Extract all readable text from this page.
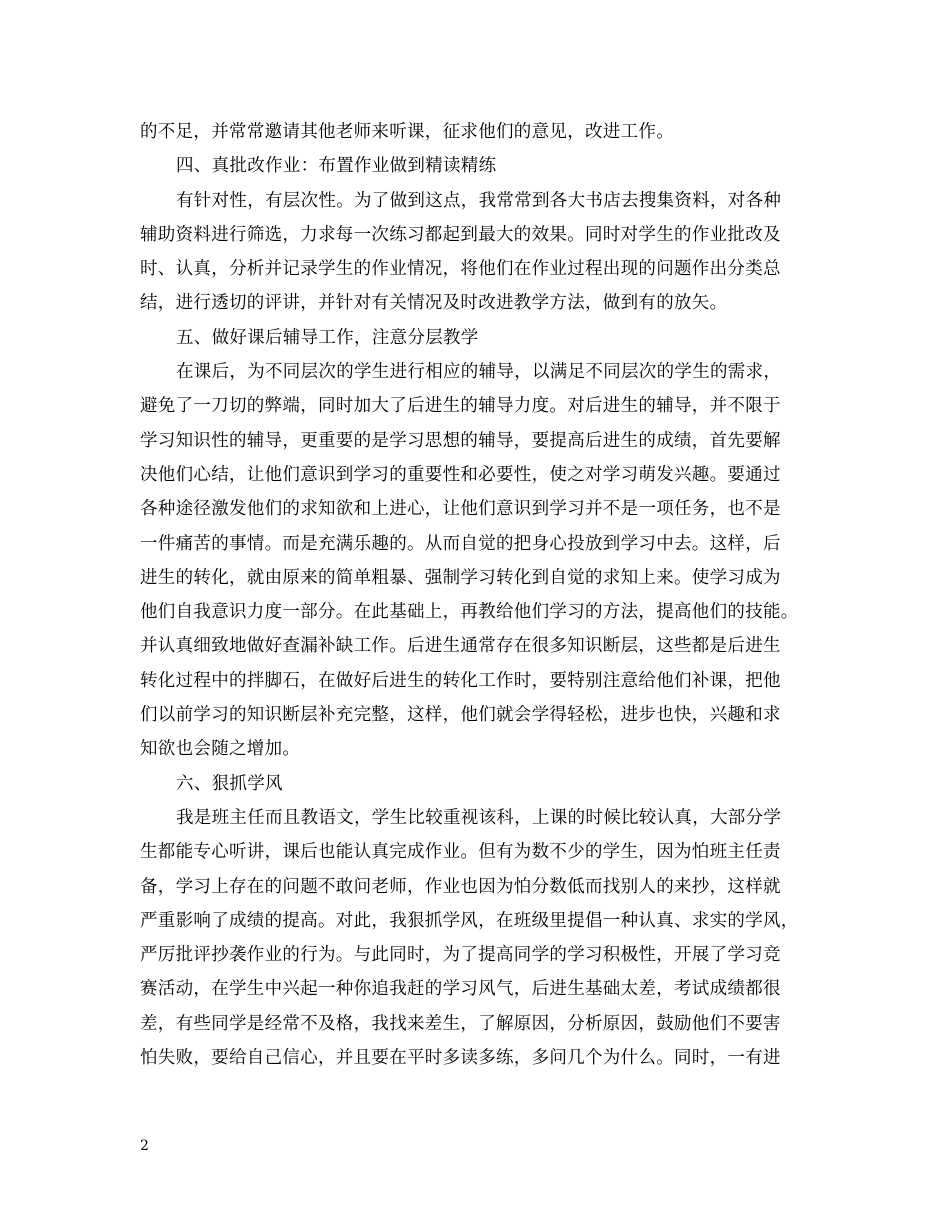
的不足，并常常邀请其他老师来听课，征求他们的意见，改进工作。
四、真批改作业：布置作业做到精读精练
有针对性，有层次性。为了做到这点，我常常到各大书店去搜集资料，对各种
辅助资料进行筛选，力求每一次练习都起到最大的效果。同时对学生的作业批改及
时、认真，分析并记录学生的作业情况，将他们在作业过程出现的问题作出分类总
结，进行透切的评讲，并针对有关情况及时改进教学方法，做到有的放矢。
五、做好课后辅导工作，注意分层教学
在课后，为不同层次的学生进行相应的辅导，以满足不同层次的学生的需求，
避免了一刀切的弊端，同时加大了后进生的辅导力度。对后进生的辅导，并不限于
学习知识性的辅导，更重要的是学习思想的辅导，要提高后进生的成绩，首先要解
决他们心结，让他们意识到学习的重要性和必要性，使之对学习萌发兴趣。要通过
各种途径激发他们的求知欲和上进心，让他们意识到学习并不是一项任务，也不是
一件痛苦的事情。而是充满乐趣的。从而自觉的把身心投放到学习中去。这样，后
进生的转化，就由原来的简单粗暴、强制学习转化到自觉的求知上来。使学习成为
他们自我意识力度一部分。在此基础上，再教给他们学习的方法，提高他们的技能。
并认真细致地做好查漏补缺工作。后进生通常存在很多知识断层，这些都是后进生
转化过程中的拌脚石，在做好后进生的转化工作时，要特别注意给他们补课，把他
们以前学习的知识断层补充完整，这样，他们就会学得轻松，进步也快，兴趣和求
知欲也会随之增加。
六、狠抓学风
我是班主任而且教语文，学生比较重视该科，上课的时候比较认真，大部分学
生都能专心听讲，课后也能认真完成作业。但有为数不少的学生，因为怕班主任责
备，学习上存在的问题不敢问老师，作业也因为怕分数低而找别人的来抄，这样就
严重影响了成绩的提高。对此，我狠抓学风，在班级里提倡一种认真、求实的学风，
严厉批评抄袭作业的行为。与此同时，为了提高同学的学习积极性，开展了学习竞
赛活动，在学生中兴起一种你追我赶的学习风气，后进生基础太差，考试成绩都很
差，有些同学是经常不及格，我找来差生，了解原因，分析原因，鼓励他们不要害
怕失败，要给自己信心，并且要在平时多读多练，多问几个为什么。同时，一有进
2
